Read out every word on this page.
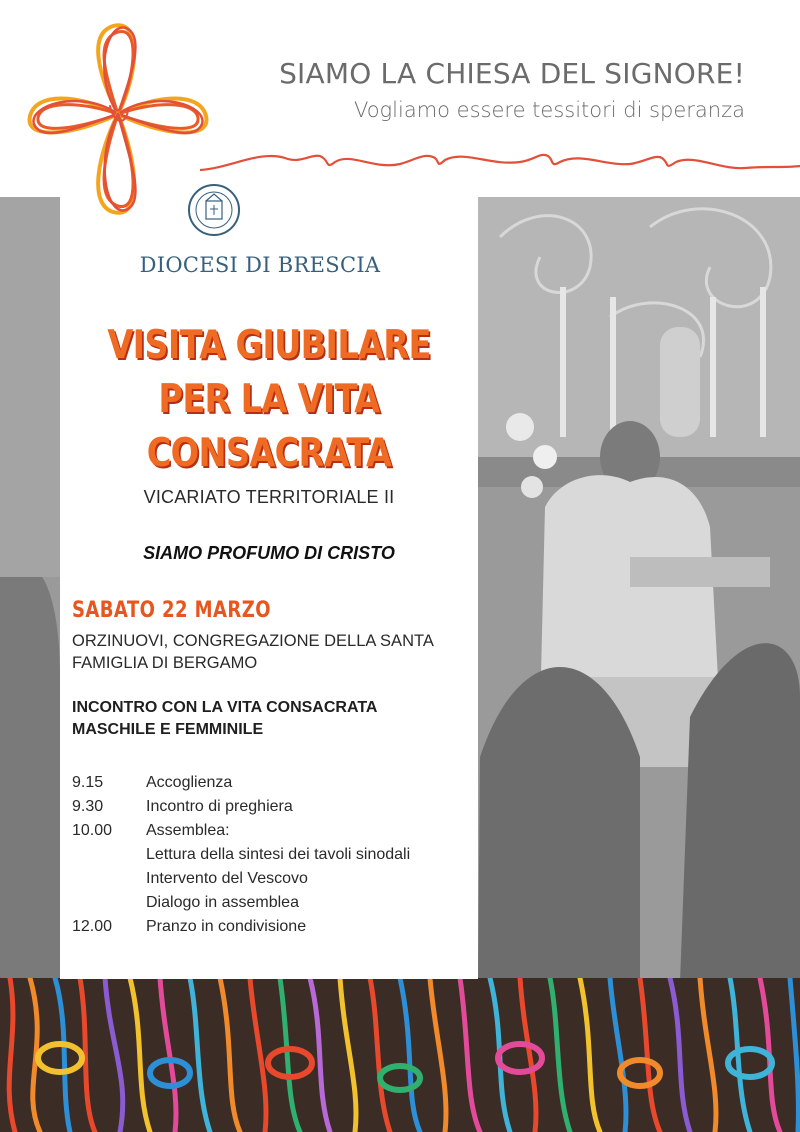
SIAMO LA CHIESA DEL SIGNORE!
Vogliamo essere tessitori di speranza
DIOCESI DI BRESCIA
VISITA GIUBILARE
PER LA VITA
CONSACRATA
VICARIATO TERRITORIALE II
SIAMO PROFUMO DI CRISTO
SABATO 22 MARZO
ORZINUOVI, CONGREGAZIONE DELLA SANTA FAMIGLIA DI BERGAMO
INCONTRO CON LA VITA CONSACRATA MASCHILE E FEMMINILE
9.15	Accoglienza
9.30	Incontro di preghiera
10.00 Assemblea:
Lettura della sintesi dei tavoli sinodali
Intervento del Vescovo
Dialogo in assemblea
12.00 Pranzo in condivisione
